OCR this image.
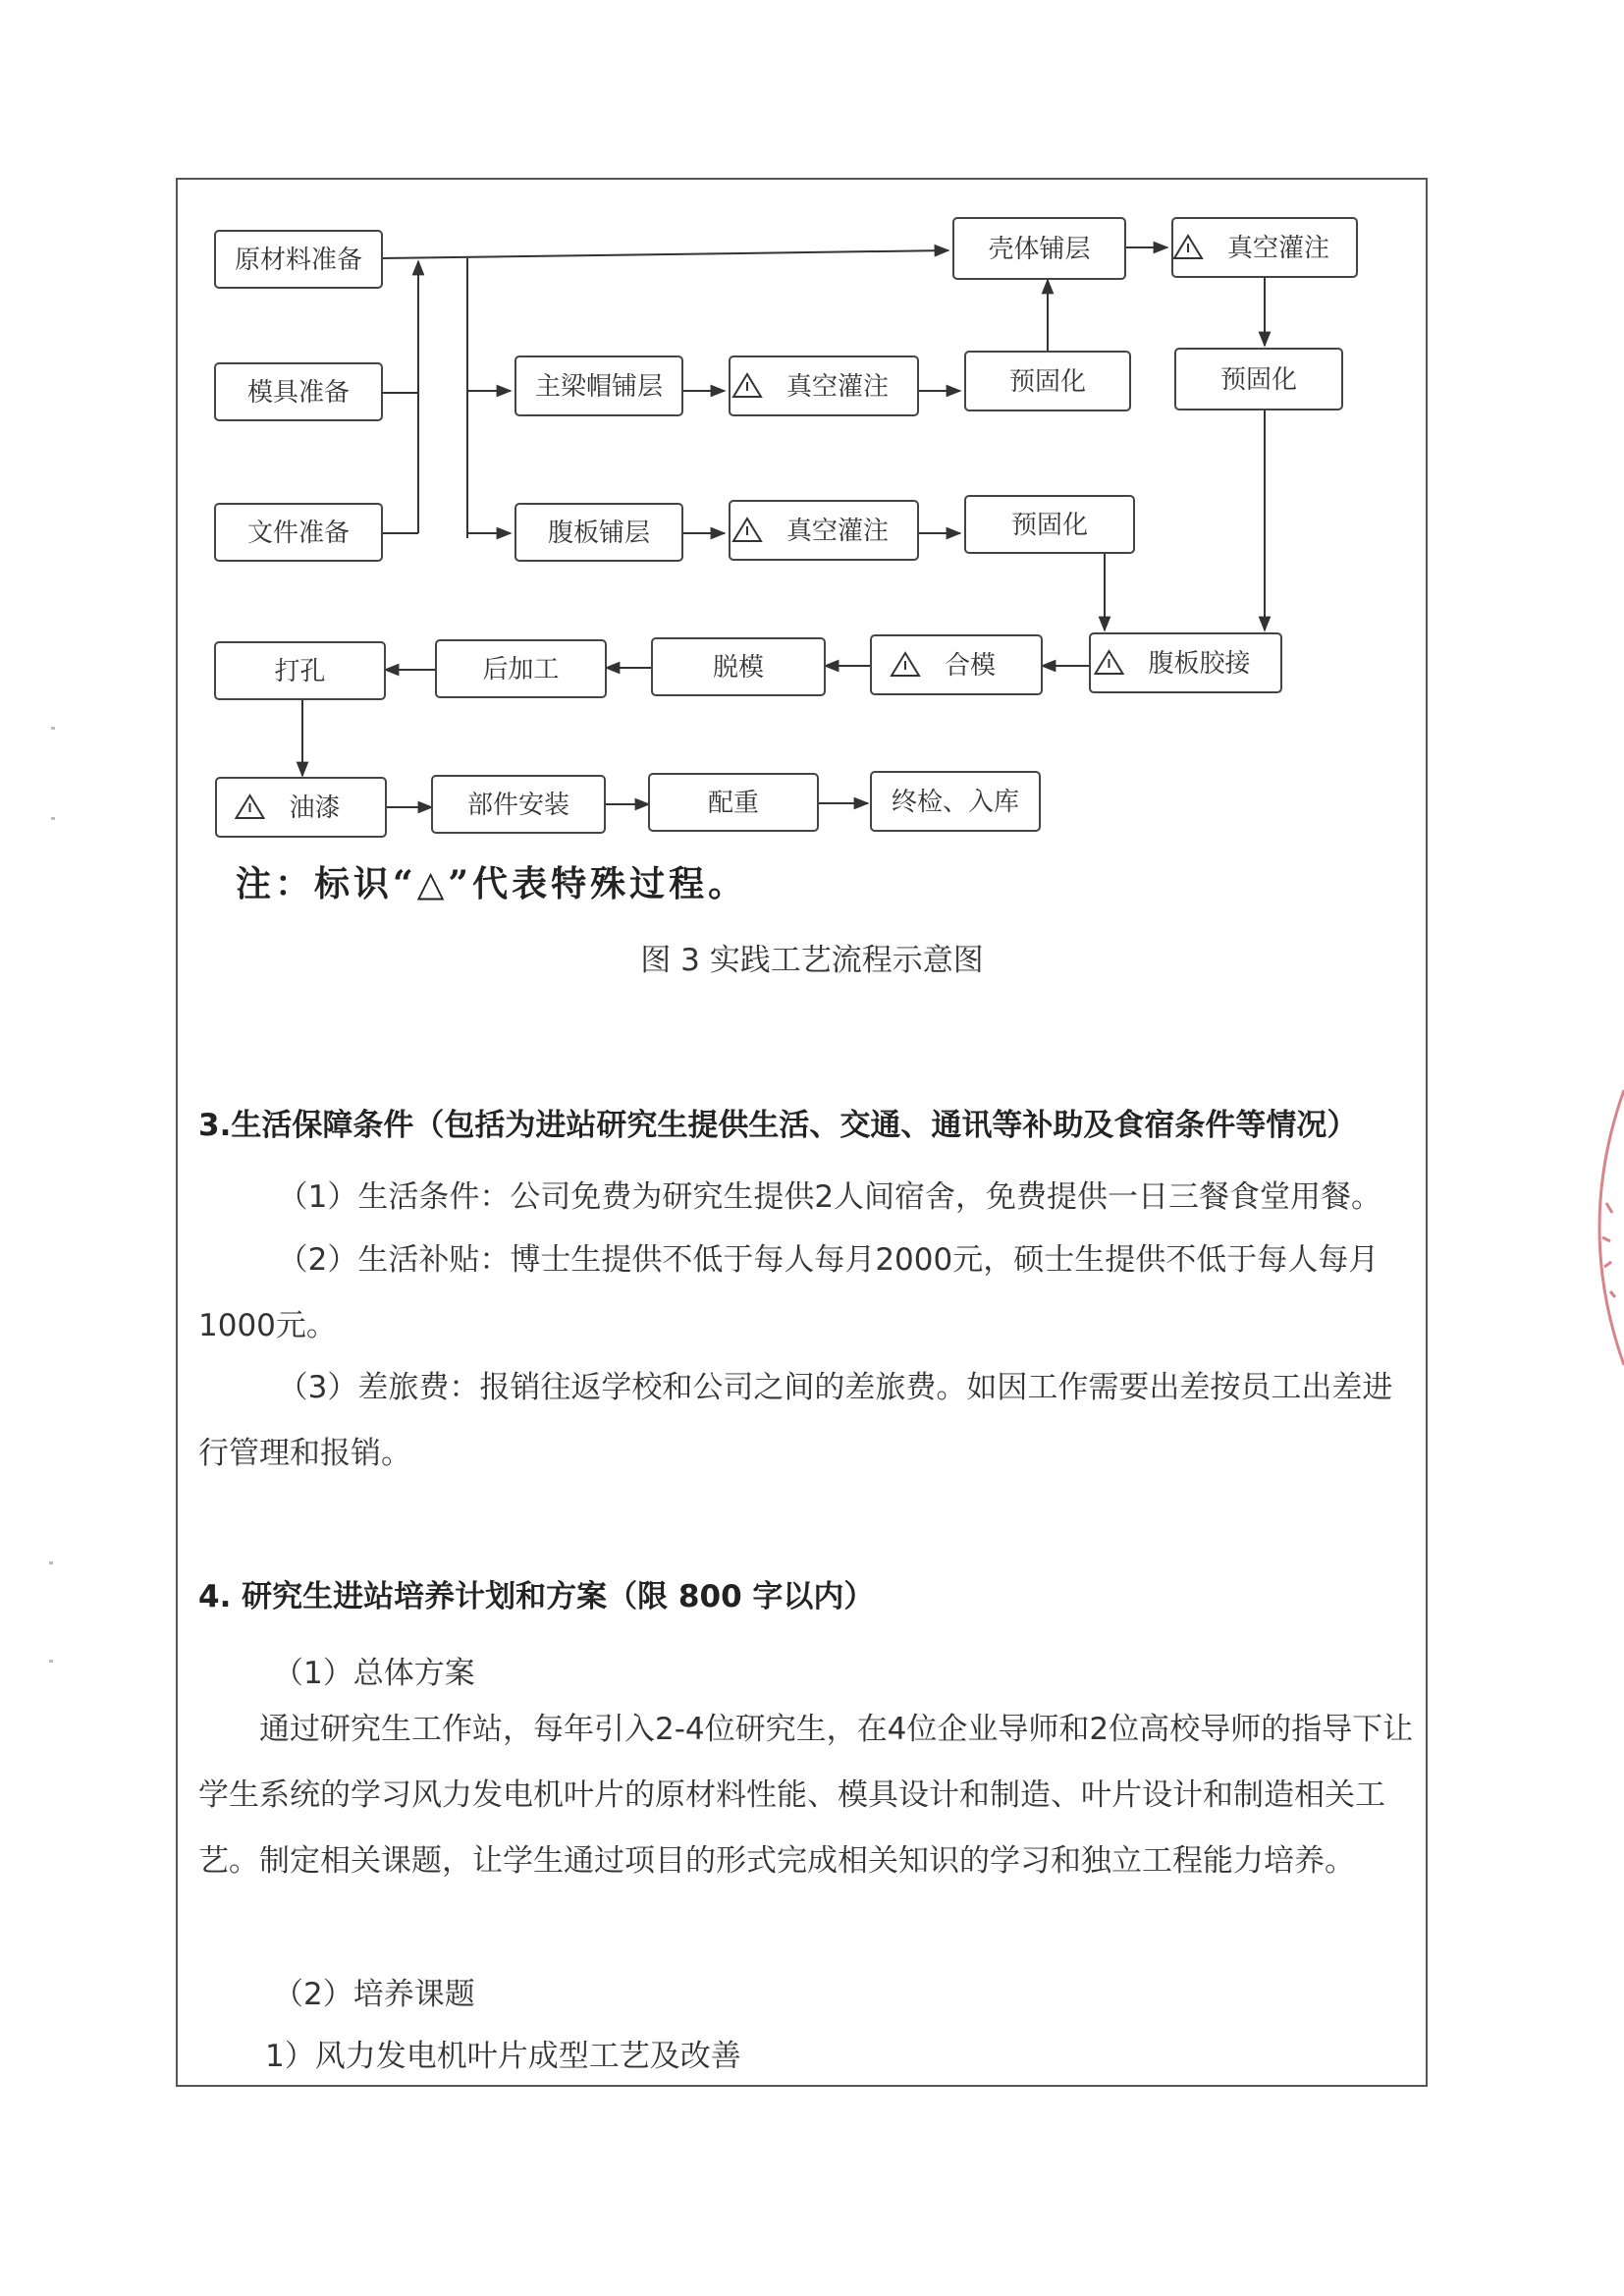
原材料准备
模具准备
文件准备
主梁帽铺层	真空灌注	预固化
壳体铺层	真空灌注
预固化
腹板铺层	真空灌注	预固化
腹板胶接
合模
脱模
后加工
打孔
油漆	部件安装	配重	终检、入库
注：标识“△”代表特殊过程。
图 3 实践工艺流程示意图
3.生活保障条件（包括为进站研究生提供生活、交通、通讯等补助及食宿条件等情况）
（1）生活条件：公司免费为研究生提供2人间宿舍，免费提供一日三餐食堂用餐。
（2）生活补贴：博士生提供不低于每人每月2000元，硕士生提供不低于每人每月1000元。
（3）差旅费：报销往返学校和公司之间的差旅费。如因工作需要出差按员工出差进行管理和报销。
4. 研究生进站培养计划和方案（限 800 字以内）
（1）总体方案
通过研究生工作站，每年引入2-4位研究生，在4位企业导师和2位高校导师的指导下让学生系统的学习风力发电机叶片的原材料性能、模具设计和制造、叶片设计和制造相关工艺。制定相关课题，让学生通过项目的形式完成相关知识的学习和独立工程能力培养。
（2）培养课题
1）风力发电机叶片成型工艺及改善
